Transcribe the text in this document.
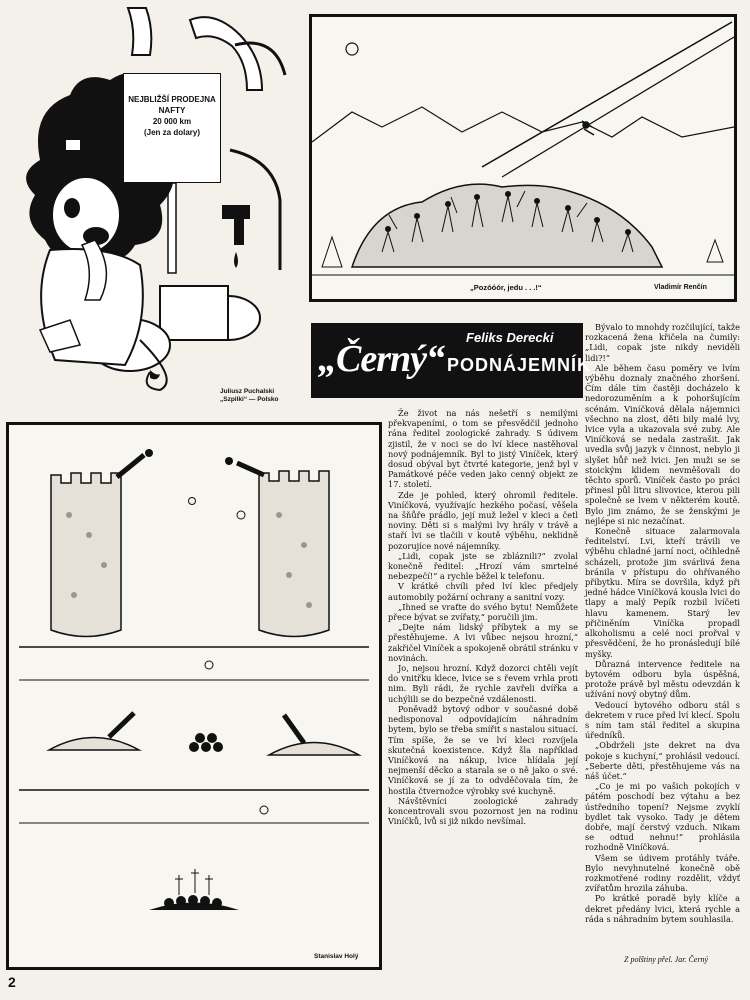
NEJBLIŽŠÍ PRODEJNA
NAFTY
20 000 km
(Jen za dolary)
Juliusz Puchalski
„Szpilki“ — Polsko
„Pozóóór, jedu . . .!“	Vladimír Renčín
„Černý“
Feliks Derecki
PODNÁJEMNÍK
Stanislav Holý

Že život na nás nešetří s nemilými překvapeními, o tom se přesvědčil jednoho rána ředitel zoologické zahrady. S údivem zjistil, že v noci se do lví klece nastěhoval nový podnájemník. Byl to jistý Viníček, který dosud obýval byt čtvrté kategorie, jenž byl v Památkové péče veden jako cenný objekt ze 17. století.

Zde je pohled, který ohromil ředitele. Viníčková, využívajíc hezkého počasí, věšela na šňůře prádlo, její muž ležel v kleci a četl noviny. Děti si s malými lvy hrály v trávě a staří lvi se tlačili v koutě výběhu, neklidně pozorujíce nové nájemníky.

„Lidi, copak jste se zbláznili?“ zvolal konečně ředitel: „Hrozí vám smrtelné nebezpečí!“ a rychle běžel k telefonu.

V krátké chvíli před lví klec předjely automobily požární ochrany a sanitní vozy.

„Ihned se vraťte do svého bytu! Nemůžete přece bývat se zvířaty,“ poručili jim.

„Dejte nám lidský příbytek a my se přestěhujeme. A lvi vůbec nejsou hrozní,“ zakřičel Viníček a spokojeně obrátil stránku v novinách.

Jo, nejsou hrozní. Když dozorci chtěli vejít do vnitřku klece, lvice se s řevem vrhla proti nim. Byli rádi, že rychle zavřeli dvířka a uchýlili se do bezpečné vzdálenosti.

Poněvadž bytový odbor v současné době nedisponoval odpovídajícím náhradním bytem, bylo se třeba smířit s nastalou situací. Tím spíše, že se ve lví kleci rozvíjela skutečná koexistence. Když šla například Viníčková na nákup, lvice hlídala její nejmenší děcko a starala se o ně jako o své. Viníčková se jí za to odvděčovala tím, že hostila čtvernožce výrobky své kuchyně.

Návštěvníci zoologické zahrady koncentrovali svou pozornost jen na rodinu Viníčků, lvů si již nikdo nevšímal.

Bývalo to mnohdy rozčilující, takže rozkacená žena křičela na čumily: „Lidi, copak jste nikdy neviděli lidi?!“

Ale během času poměry ve lvím výběhu doznaly značného zhoršení. Čím dále tím častěji docházelo k nedorozuměním a k pohoršujícím scénám. Viníčková dělala nájemnici všechno na zlost, děti bily malé lvy, lvice vyla a ukazovala své zuby. Ale Viníčková se nedala zastrašit. Jak uvedla svůj jazyk v činnost, nebylo ji slyšet hůř než lvici. Jen muži se se stoickým klidem nevměšovali do těchto sporů. Viníček často po práci přinesl půl litru slivovice, kterou pili společně se lvem v některém koutě. Bylo jim známo, že se ženskými je nejlépe si nic nezačínat.

Konečně situace zalarmovala ředitelství. Lvi, kteří trávili ve výběhu chladné jarní noci, očihledně scházeli, protože jim svárlivá žena bránila v přístupu do ohřívaného příbytku. Míra se dovršila, když při jedné hádce Viníčková kousla lvici do tlapy a malý Pepík rozbil lvíčeti hlavu kamenem. Starý lev přičiněním Viníčka propadl alkoholismu a celé noci prořval v přesvědčení, že ho pronásledují bílé myšky.

Důrazná intervence ředitele na bytovém odboru byla úspěšná, protože právě byl městu odevzdán k užívání nový obytný dům.

Vedoucí bytového odboru stál s dekretem v ruce před lví klecí. Spolu s ním tam stál ředitel a skupina úředníků.

„Obdrželi jste dekret na dva pokoje s kuchyní,“ prohlásil vedoucí. „Seberte děti, přestěhujeme vás na náš účet.“

„Co je mi po vašich pokojích v pátém poschodí bez výtahu a bez ústředního topení? Nejsme zvyklí bydlet tak vysoko. Tady je dětem dobře, mají čerstvý vzduch. Nikam se odtud nehnu!“ prohlásila rozhodně Viníčková.

Všem se údivem protáhly tváře. Bylo nevyhnutelné konečně obě rozkmotřené rodiny rozdělit, vždyť zvířatům hrozila záhuba.

Po krátké poradě byly klíče a dekret předány lvici, která rychle a ráda s náhradním bytem souhlasila.

Z polštiny přel. Jar. Černý
2
